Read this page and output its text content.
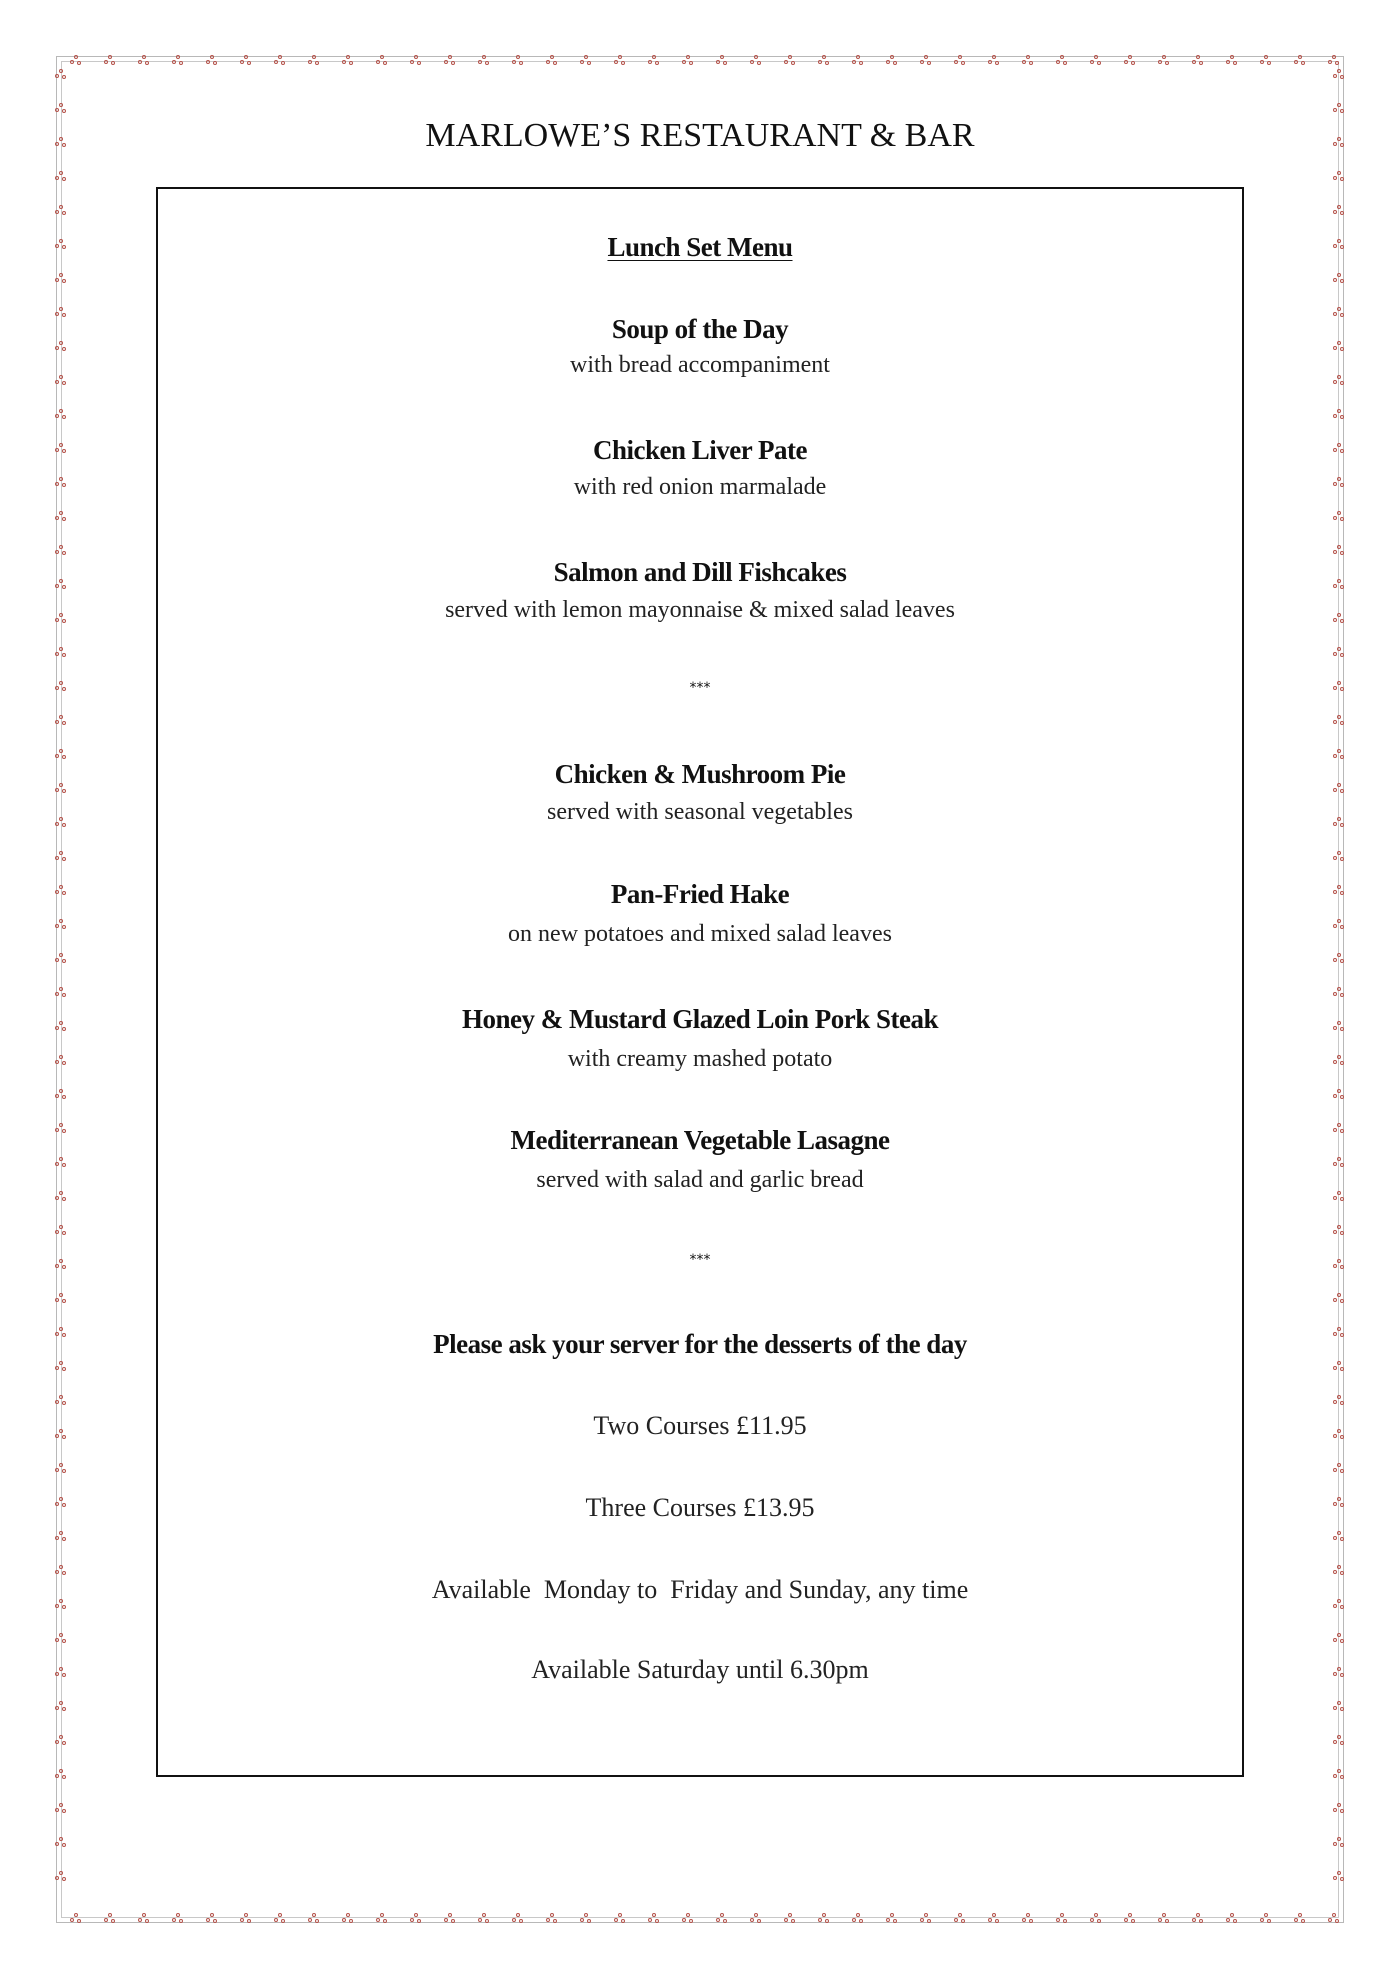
MARLOWE’S RESTAURANT & BAR
Lunch Set Menu
Soup of the Day
with bread accompaniment
Chicken Liver Pate
with red onion marmalade
Salmon and Dill Fishcakes
served with lemon mayonnaise & mixed salad leaves
***
Chicken & Mushroom Pie
served with seasonal vegetables
Pan-Fried Hake
on new potatoes and mixed salad leaves
Honey & Mustard Glazed Loin Pork Steak
with creamy mashed potato
Mediterranean Vegetable Lasagne
served with salad and garlic bread
***
Please ask your server for the desserts of the day
Two Courses £11.95
Three Courses £13.95
Available  Monday to  Friday and Sunday, any time
Available Saturday until 6.30pm
